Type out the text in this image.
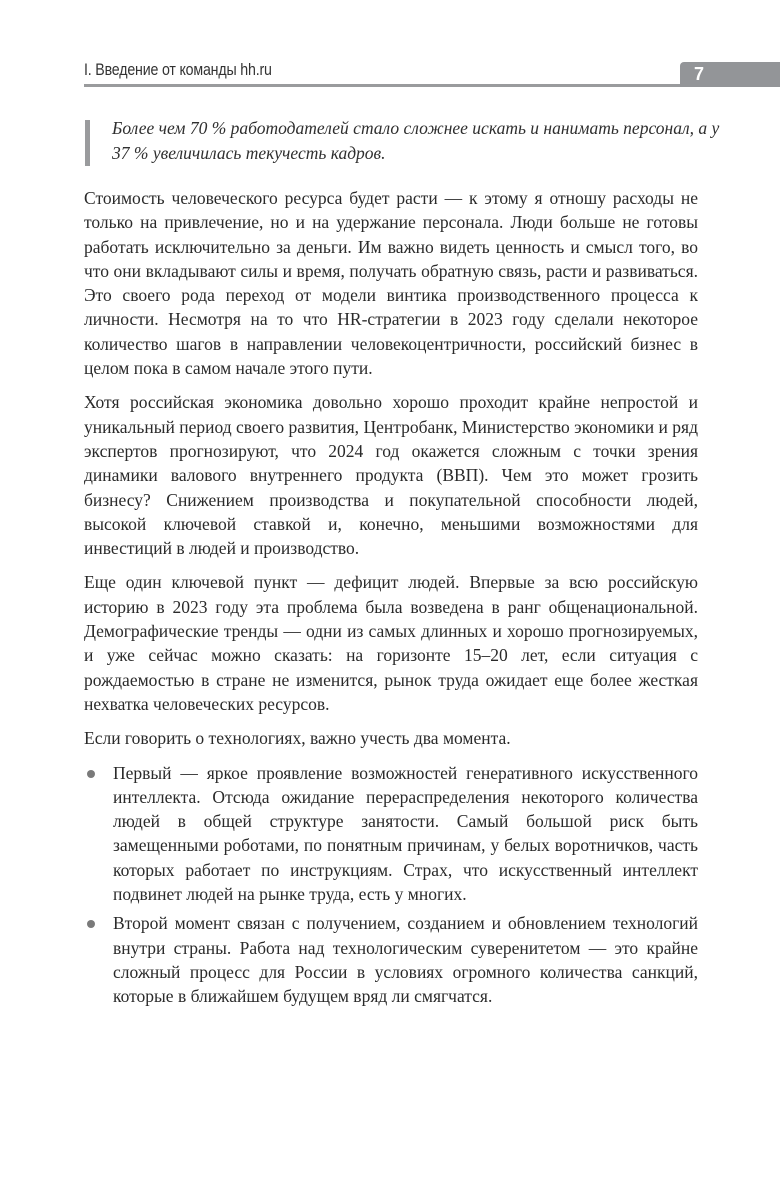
I. Введение от команды hh.ru	7
Более чем 70 % работодателей стало сложнее искать и нанимать персонал, а у 37 % увеличилась текучесть кадров.

Стоимость человеческого ресурса будет расти — к этому я отношу расходы не только на привлечение, но и на удержание персонала. Люди больше не готовы работать исключительно за деньги. Им важно видеть ценность и смысл того, во что они вкладывают силы и время, получать обратную связь, расти и развиваться. Это своего рода переход от модели винтика производственного процесса к личности. Несмотря на то что HR-стратегии в 2023 году сделали некоторое количество шагов в направлении человекоцентричности, российский бизнес в целом пока в самом начале этого пути.

Хотя российская экономика довольно хорошо проходит крайне непростой и уникальный период своего развития, Центробанк, Министерство экономики и ряд экспертов прогнозируют, что 2024 год окажется сложным с точки зрения динамики валового внутреннего продукта (ВВП). Чем это может грозить бизнесу? Снижением производства и покупательной способности людей, высокой ключевой ставкой и, конечно, меньшими возможностями для инвестиций в людей и производство.

Еще один ключевой пункт — дефицит людей. Впервые за всю российскую историю в 2023 году эта проблема была возведена в ранг общенациональной. Демографические тренды — одни из самых длинных и хорошо прогнозируемых, и уже сейчас можно сказать: на горизонте 15–20 лет, если ситуация с рождаемостью в стране не изменится, рынок труда ожидает еще более жесткая нехватка человеческих ресурсов.

Если говорить о технологиях, важно учесть два момента.

Первый — яркое проявление возможностей генеративного искусственного интеллекта. Отсюда ожидание перераспределения некоторого количества людей в общей структуре занятости. Самый большой риск быть замещенными роботами, по понятным причинам, у белых воротничков, часть которых работает по инструкциям. Страх, что искусственный интеллект подвинет людей на рынке труда, есть у многих.
Второй момент связан с получением, созданием и обновлением технологий внутри страны. Работа над технологическим суверенитетом — это крайне сложный процесс для России в условиях огромного количества санкций, которые в ближайшем будущем вряд ли смягчатся.
